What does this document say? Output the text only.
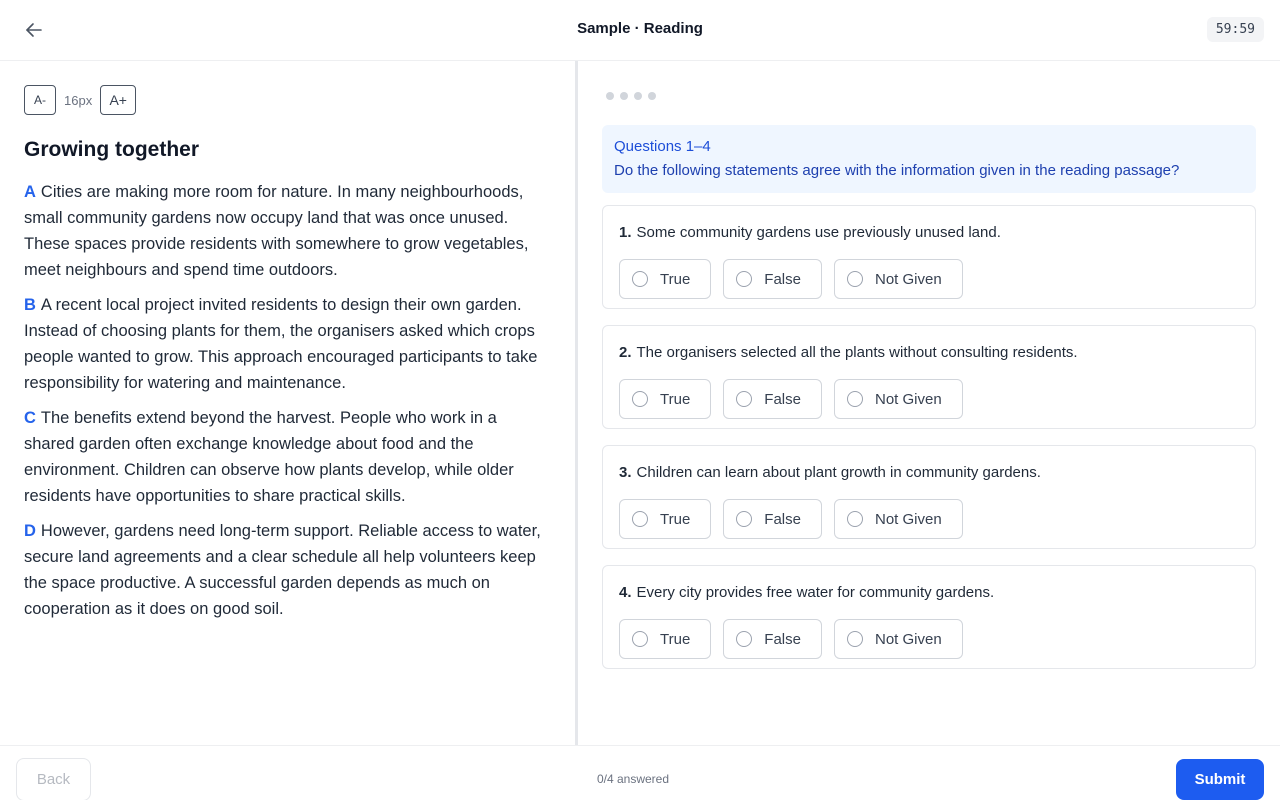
Sample · Reading	59:59
A-	16px	A+
Growing together

A Cities are making more room for nature. In many neighbourhoods, small community gardens now occupy land that was once unused. These spaces provide residents with somewhere to grow vegetables, meet neighbours and spend time outdoors.

B A recent local project invited residents to design their own garden. Instead of choosing plants for them, the organisers asked which crops people wanted to grow. This approach encouraged participants to take responsibility for watering and maintenance.

C The benefits extend beyond the harvest. People who work in a shared garden often exchange knowledge about food and the environment. Children can observe how plants develop, while older residents have opportunities to share practical skills.

D However, gardens need long-term support. Reliable access to water, secure land agreements and a clear schedule all help volunteers keep the space productive. A successful garden depends as much on cooperation as it does on good soil.

Questions 1–4
Do the following statements agree with the information given in the reading passage?
1. Some community gardens use previously unused land.
True	False	Not Given
2. The organisers selected all the plants without consulting residents.
True	False	Not Given
3. Children can learn about plant growth in community gardens.
True	False	Not Given
4. Every city provides free water for community gardens.
True	False	Not Given
Back	0/4 answered	Submit
